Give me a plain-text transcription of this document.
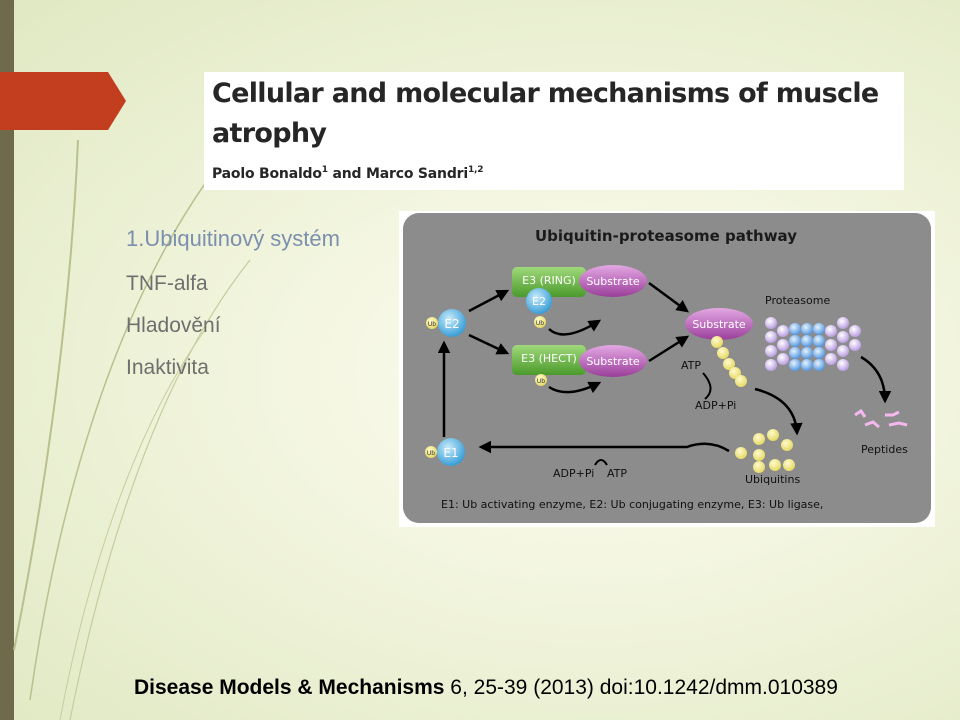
Cellular and molecular mechanisms of muscle atrophy
Paolo Bonaldo$^1$ and Marco Sandri$^{1,2}$
1.Ubiquitinový systém
TNF-alfa
Hladovění
Inaktivita
Ubiquitin-proteasome pathway
E2
Ub
E1
Ub
E3 (RING)
E2
Ub
Substrate
E3 (HECT)
Ub
Substrate
Substrate
Proteasome
ATP
ADP+Pi
Peptides
Ubiquitins
ADP+Pi ATP
E1: Ub activating enzyme, E2: Ub conjugating enzyme, E3: Ub ligase,
Disease Models & Mechanisms 6, 25-39 (2013) doi:10.1242/dmm.010389
